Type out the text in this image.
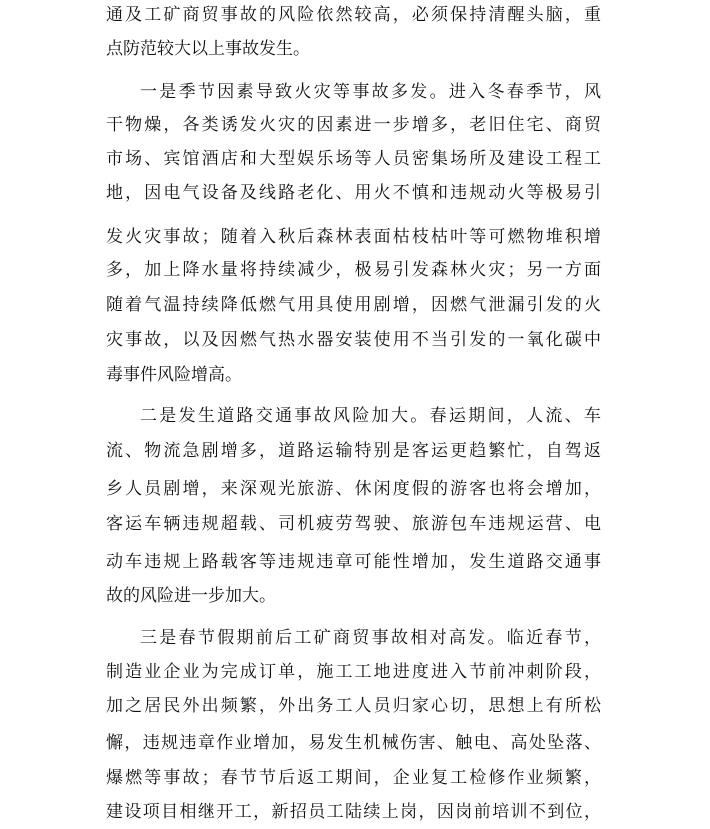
通及工矿商贸事故的风险依然较高，必须保持清醒头脑，重
点防范较大以上事故发生。
一是季节因素导致火灾等事故多发。进入冬春季节，风
干物燥，各类诱发火灾的因素进一步增多，老旧住宅、商贸
市场、宾馆酒店和大型娱乐场等人员密集场所及建设工程工
地，因电气设备及线路老化、用火不慎和违规动火等极易引
发火灾事故；随着入秋后森林表面枯枝枯叶等可燃物堆积增
多，加上降水量将持续减少，极易引发森林火灾；另一方面
随着气温持续降低燃气用具使用剧增，因燃气泄漏引发的火
灾事故，以及因燃气热水器安装使用不当引发的一氧化碳中
毒事件风险增高。
二是发生道路交通事故风险加大。春运期间，人流、车
流、物流急剧增多，道路运输特别是客运更趋繁忙，自驾返
乡人员剧增，来深观光旅游、休闲度假的游客也将会增加，
客运车辆违规超载、司机疲劳驾驶、旅游包车违规运营、电
动车违规上路载客等违规违章可能性增加，发生道路交通事
故的风险进一步加大。
三是春节假期前后工矿商贸事故相对高发。临近春节，
制造业企业为完成订单，施工工地进度进入节前冲刺阶段，
加之居民外出频繁，外出务工人员归家心切，思想上有所松
懈，违规违章作业增加，易发生机械伤害、触电、高处坠落、
爆燃等事故；春节节后返工期间，企业复工检修作业频繁，
建设项目相继开工，新招员工陆续上岗，因岗前培训不到位，
